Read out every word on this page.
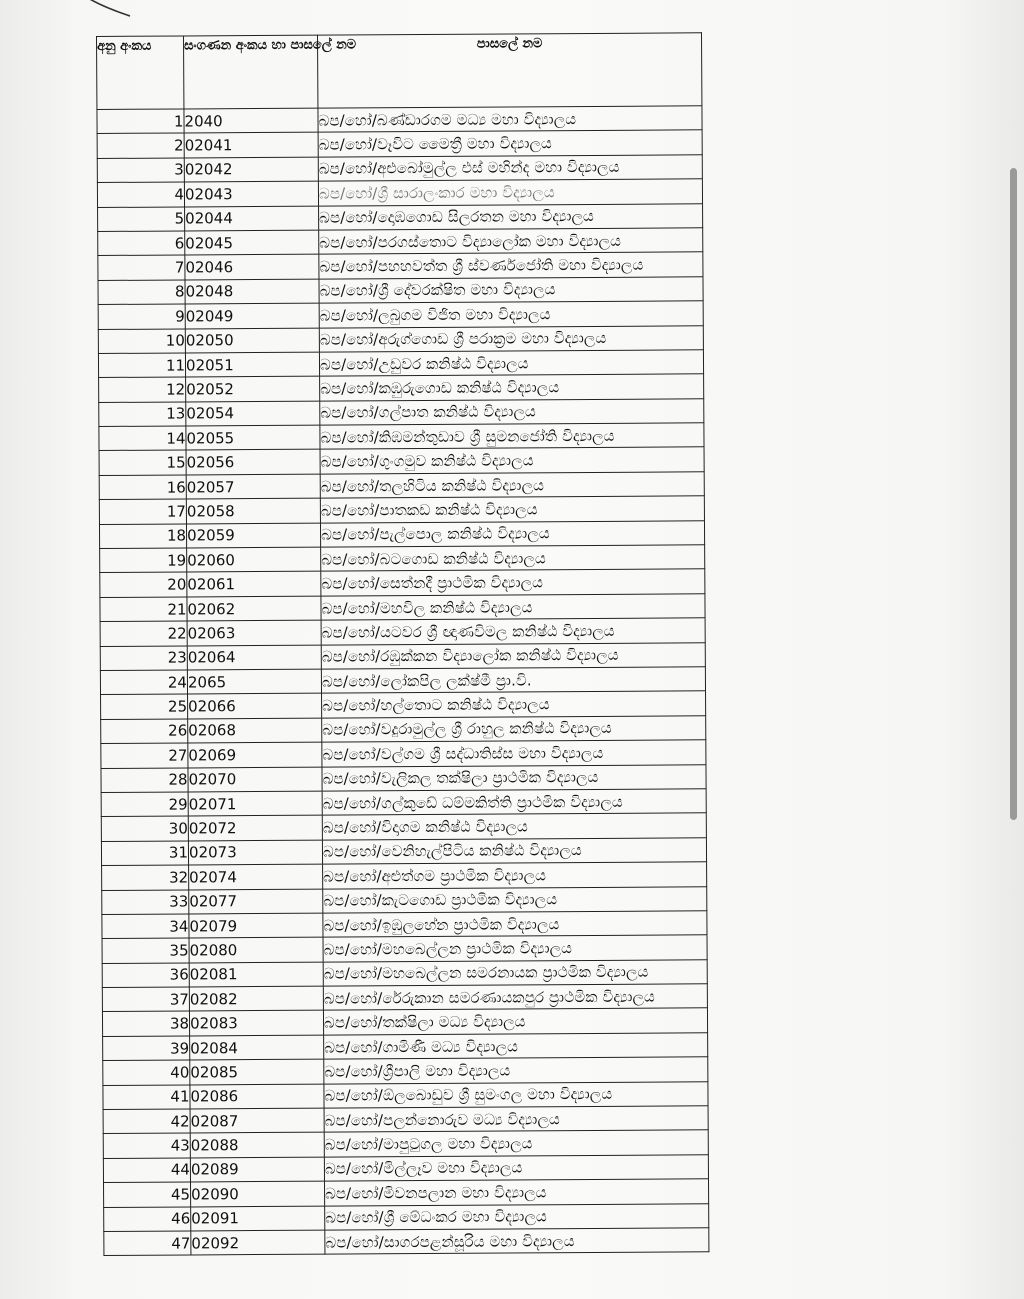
අනු අංකය	සංගණන අංකය හා පාසලේ නම	පාසලේ නම
1	2040	බප/හෝ/බණ්ඩාරගම මධ්‍ය මහා විද්‍යාලය
2	02041	බප/හෝ/වෑවිට මෛත්‍රී මහා විද්‍යාලය
3	02042	බප/හෝ/අළුබෝමුල්ල එස් මහින්ද මහා විද්‍යාලය
4	02043	බප/හෝ/ශ්‍රී සාරාලංකාර මහා විද්‍යාලය
5	02044	බප/හෝ/දොඹගොඩ සිලරතන මහා විද්‍යාලය
6	02045	බප/හෝ/පරගස්තොට විද්‍යාලෝක මහා විද්‍යාලය
7	02046	බප/හෝ/පහහවත්ත ශ්‍රී ස්වර්ණජෝති මහා විද්‍යාලය
8	02048	බප/හෝ/ශ්‍රී දේවරක්ෂිත මහා විද්‍යාලය
9	02049	බප/හෝ/ලබුගම විජිත මහා විද්‍යාලය
10	02050	බප/හෝ/අරුග්ගොඩ ශ්‍රී පරාක්‍රම මහා විද්‍යාලය
11	02051	බප/හෝ/උඩුවර කනිෂ්ඨ විද්‍යාලය
12	02052	බප/හෝ/කඹුරුගොඩ කනිෂ්ඨ විද්‍යාලය
13	02054	බප/හෝ/ගල්පාත කනිෂ්ඨ විද්‍යාලය
14	02055	බප/හෝ/කිඹමන්තුඩාව ශ්‍රී සුමනජෝති විද්‍යාලය
15	02056	බප/හෝ/ගුංගමුව කනිෂ්ඨ විද්‍යාලය
16	02057	බප/හෝ/තලහිටිය කනිෂ්ඨ විද්‍යාලය
17	02058	බප/හෝ/පාතකඩ කනිෂ්ඨ විද්‍යාලය
18	02059	බප/හෝ/පැල්පොල කනිෂ්ඨ විද්‍යාලය
19	02060	බප/හෝ/බටගොඩ කනිෂ්ඨ විද්‍යාලය
20	02061	බප/හෝ/සෙත්නදී ප්‍රාථමික විද්‍යාලය
21	02062	බප/හෝ/මහවිල කනිෂ්ඨ විද්‍යාලය
22	02063	බප/හෝ/යටවර ශ්‍රී ඥාණවිමල කනිෂ්ඨ විද්‍යාලය
23	02064	බප/හෝ/රඹුක්කන විද්‍යාලෝක කනිෂ්ඨ විද්‍යාලය
24	2065	බප/හෝ/ලෝකපිල ලක්ෂ්මී ප්‍රා.වි.
25	02066	බප/හෝ/හල්තොට කනිෂ්ඨ විද්‍යාලය
26	02068	බප/හෝ/වදුරාමුල්ල ශ්‍රී රාහුල කනිෂ්ඨ විද්‍යාලය
27	02069	බප/හෝ/වල්ගම ශ්‍රී සද්ධාතිස්ස මහා විද්‍යාලය
28	02070	බප/හෝ/වැලිකල තක්ෂිලා ප්‍රාථමික විද්‍යාලය
29	02071	බප/හෝ/ගල්කුඩේ ධම්මකිත්ති ප්‍රාථමික විද්‍යාලය
30	02072	බප/හෝ/විදාගම කනිෂ්ඨ විද්‍යාලය
31	02073	බප/හෝ/වෙනිහැල්පිටිය කනිෂ්ඨ විද්‍යාලය
32	02074	බප/හෝ/අළුත්ගම ප්‍රාථමික විද්‍යාලය
33	02077	බප/හෝ/කැටගොඩ ප්‍රාථමික විද්‍යාලය
34	02079	බප/හෝ/ඉඹුලහේන ප්‍රාථමික විද්‍යාලය
35	02080	බප/හෝ/මහබෙල්ලන ප්‍රාථමික විද්‍යාලය
36	02081	බප/හෝ/මහබෙල්ලන සමරනායක ප්‍රාථමික විද්‍යාලය
37	02082	බප/හෝ/රේරුකාන සමරණායකපුර ප්‍රාථමික විද්‍යාලය
38	02083	බප/හෝ/තක්ෂිලා මධ්‍ය විද්‍යාලය
39	02084	බප/හෝ/ගාමිණී මධ්‍ය විද්‍යාලය
40	02085	බප/හෝ/ශ්‍රීපාලි මහා විද්‍යාලය
41	02086	බප/හෝ/ඕලබොඩුව ශ්‍රී සුමංගල මහා විද්‍යාලය
42	02087	බප/හෝ/පලන්නොරුව මධ්‍ය විද්‍යාලය
43	02088	බප/හෝ/මාපුටුගල මහා විද්‍යාලය
44	02089	බප/හෝ/මිල්ලෑව මහා විද්‍යාලය
45	02090	බප/හෝ/මිවනපලාන මහා විද්‍යාලය
46	02091	බප/හෝ/ශ්‍රී මේධංකර මහා විද්‍යාලය
47	02092	බප/හෝ/සාගරපළන්සූරිය මහා විද්‍යාලය
